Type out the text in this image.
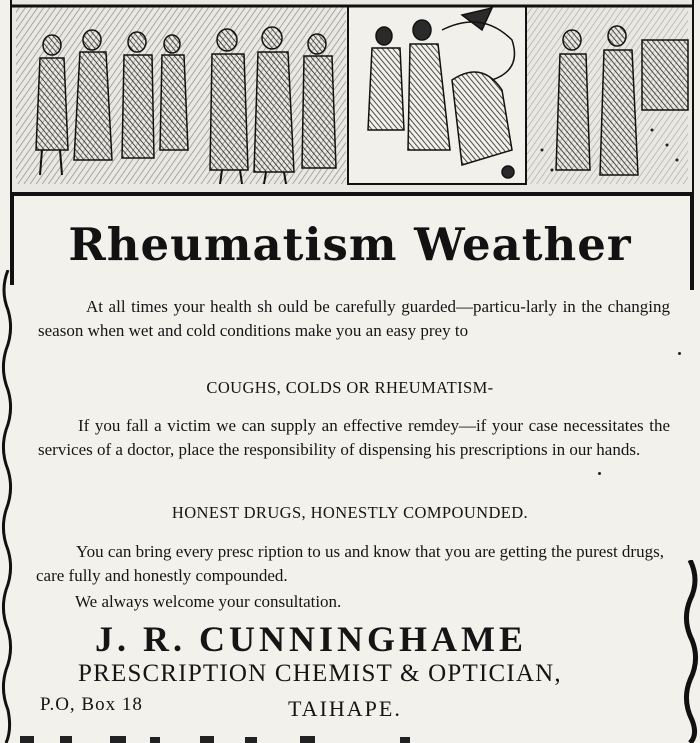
Rheumatism Weather
At all times your health sh ould be carefully guarded—particu-larly in the changing season when wet and cold conditions make you an easy prey to
COUGHS, COLDS OR RHEUMATISM-
If you fall a victim we can supply an effective remdey—if your case necessitates the services of a doctor, place the responsibility of dispensing his prescriptions in our hands.
HONEST DRUGS, HONESTLY COMPOUNDED.
You can bring every presc ription to us and know that you are getting the purest drugs, care fully and honestly compounded.
We always welcome your consultation.
J. R. CUNNINGHAME
PRESCRIPTION CHEMIST & OPTICIAN,
P.O, Box 18	TAIHAPE.
